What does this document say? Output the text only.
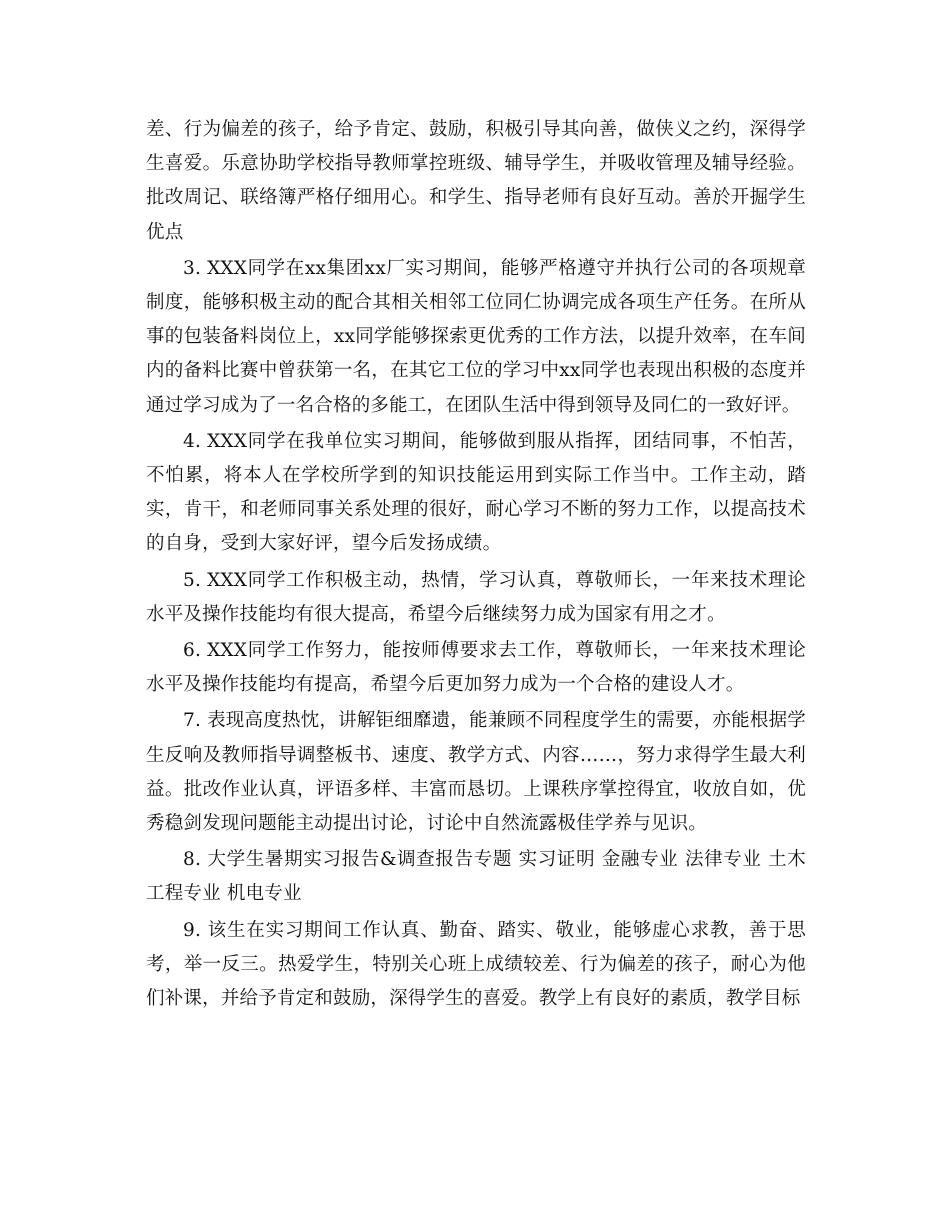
差、行为偏差的孩子，给予肯定、鼓励，积极引导其向善，做侠义之约，深得学生喜爱。乐意协助学校指导教师掌控班级、辅导学生，并吸收管理及辅导经验。批改周记、联络簿严格仔细用心。和学生、指导老师有良好互动。善於开掘学生优点

3. XXX同学在xx集团xx厂实习期间，能够严格遵守并执行公司的各项规章制度，能够积极主动的配合其相关相邻工位同仁协调完成各项生产任务。在所从事的包装备料岗位上，xx同学能够探索更优秀的工作方法，以提升效率，在车间内的备料比赛中曾获第一名，在其它工位的学习中xx同学也表现出积极的态度并通过学习成为了一名合格的多能工，在团队生活中得到领导及同仁的一致好评。

4. XXX同学在我单位实习期间，能够做到服从指挥，团结同事，不怕苦，不怕累，将本人在学校所学到的知识技能运用到实际工作当中。工作主动，踏实，肯干，和老师同事关系处理的很好，耐心学习不断的努力工作，以提高技术的自身，受到大家好评，望今后发扬成绩。

5. XXX同学工作积极主动，热情，学习认真，尊敬师长，一年来技术理论水平及操作技能均有很大提高，希望今后继续努力成为国家有用之才。

6. XXX同学工作努力，能按师傅要求去工作，尊敬师长，一年来技术理论水平及操作技能均有提高，希望今后更加努力成为一个合格的建设人才。

7. 表现高度热忱，讲解钜细靡遗，能兼顾不同程度学生的需要，亦能根据学生反响及教师指导调整板书、速度、教学方式、内容……，努力求得学生最大利益。批改作业认真，评语多样、丰富而恳切。上课秩序掌控得宜，收放自如，优秀稳剑发现问题能主动提出讨论，讨论中自然流露极佳学养与见识。

8. 大学生暑期实习报告&调查报告专题 实习证明 金融专业 法律专业 土木工程专业 机电专业

9. 该生在实习期间工作认真、勤奋、踏实、敬业，能够虚心求教，善于思考，举一反三。热爱学生，特别关心班上成绩较差、行为偏差的孩子，耐心为他们补课，并给予肯定和鼓励，深得学生的喜爱。教学上有良好的素质，教学目标
